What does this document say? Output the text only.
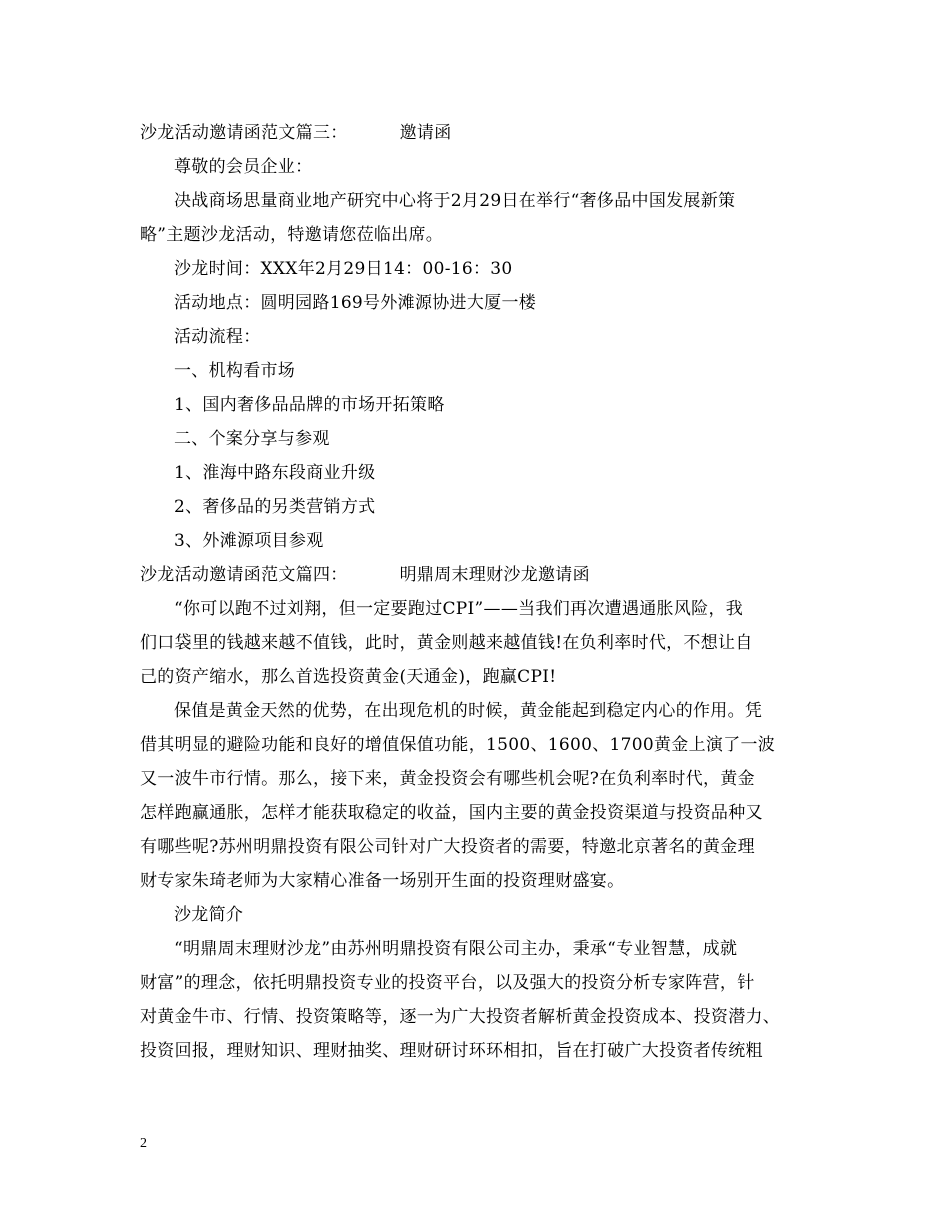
沙龙活动邀请函范文篇三：	邀请函
尊敬的会员企业：
决战商场思量商业地产研究中心将于2月29日在举行“奢侈品中国发展新策
略”主题沙龙活动，特邀请您莅临出席。
沙龙时间：XXX年2月29日14：00-16：30
活动地点：圆明园路169号外滩源协进大厦一楼
活动流程：
一、机构看市场
1、国内奢侈品品牌的市场开拓策略
二、个案分享与参观
1、淮海中路东段商业升级
2、奢侈品的另类营销方式
3、外滩源项目参观
沙龙活动邀请函范文篇四：	明鼎周末理财沙龙邀请函
“你可以跑不过刘翔，但一定要跑过CPI”——当我们再次遭遇通胀风险，我
们口袋里的钱越来越不值钱，此时，黄金则越来越值钱!在负利率时代，不想让自
己的资产缩水，那么首选投资黄金(天通金)，跑赢CPI!
保值是黄金天然的优势，在出现危机的时候，黄金能起到稳定内心的作用。凭
借其明显的避险功能和良好的增值保值功能，1500、1600、1700黄金上演了一波
又一波牛市行情。那么，接下来，黄金投资会有哪些机会呢?在负利率时代，黄金
怎样跑赢通胀，怎样才能获取稳定的收益，国内主要的黄金投资渠道与投资品种又
有哪些呢?苏州明鼎投资有限公司针对广大投资者的需要，特邀北京著名的黄金理
财专家朱琦老师为大家精心准备一场别开生面的投资理财盛宴。
沙龙简介
“明鼎周末理财沙龙”由苏州明鼎投资有限公司主办，秉承“专业智慧，成就
财富”的理念，依托明鼎投资专业的投资平台，以及强大的投资分析专家阵营，针
对黄金牛市、行情、投资策略等，逐一为广大投资者解析黄金投资成本、投资潜力、
投资回报，理财知识、理财抽奖、理财研讨环环相扣，旨在打破广大投资者传统粗
2
